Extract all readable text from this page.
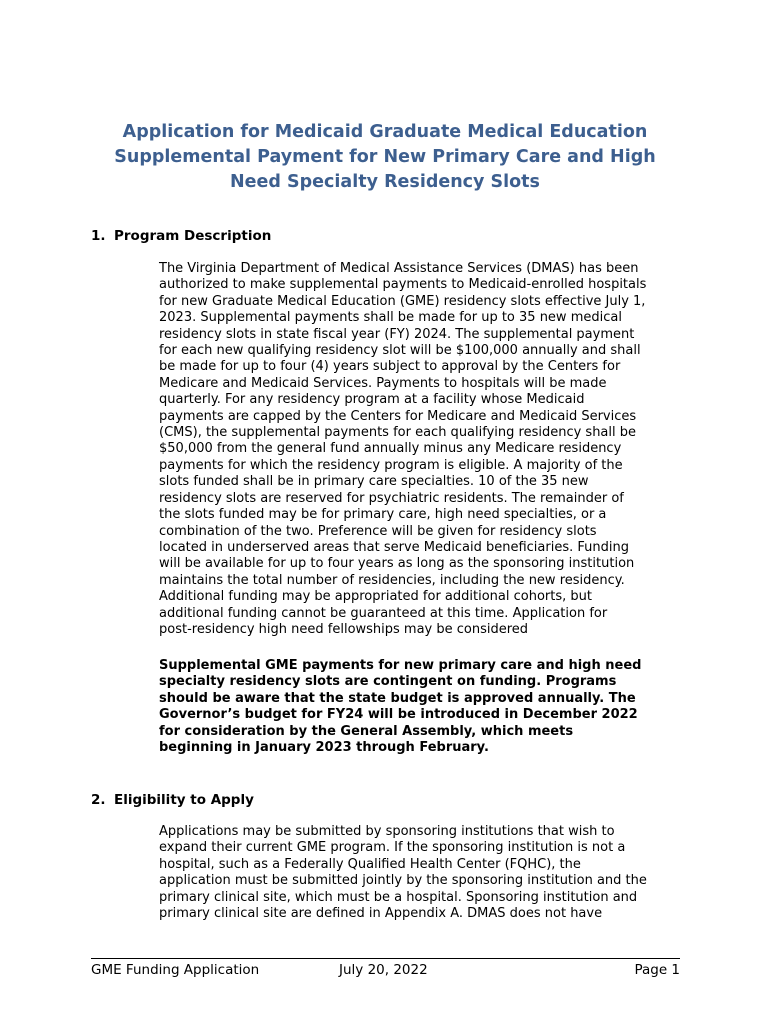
Application for Medicaid Graduate Medical Education
Supplemental Payment for New Primary Care and High
Need Specialty Residency Slots
1. Program Description
The Virginia Department of Medical Assistance Services (DMAS) has been
authorized to make supplemental payments to Medicaid-enrolled hospitals
for new Graduate Medical Education (GME) residency slots effective July 1,
2023. Supplemental payments shall be made for up to 35 new medical
residency slots in state fiscal year (FY) 2024. The supplemental payment
for each new qualifying residency slot will be $100,000 annually and shall
be made for up to four (4) years subject to approval by the Centers for
Medicare and Medicaid Services. Payments to hospitals will be made
quarterly. For any residency program at a facility whose Medicaid
payments are capped by the Centers for Medicare and Medicaid Services
(CMS), the supplemental payments for each qualifying residency shall be
$50,000 from the general fund annually minus any Medicare residency
payments for which the residency program is eligible. A majority of the
slots funded shall be in primary care specialties. 10 of the 35 new
residency slots are reserved for psychiatric residents. The remainder of
the slots funded may be for primary care, high need specialties, or a
combination of the two. Preference will be given for residency slots
located in underserved areas that serve Medicaid beneficiaries. Funding
will be available for up to four years as long as the sponsoring institution
maintains the total number of residencies, including the new residency.
Additional funding may be appropriated for additional cohorts, but
additional funding cannot be guaranteed at this time. Application for
post-residency high need fellowships may be considered
Supplemental GME payments for new primary care and high need
specialty residency slots are contingent on funding. Programs
should be aware that the state budget is approved annually. The
Governor’s budget for FY24 will be introduced in December 2022
for consideration by the General Assembly, which meets
beginning in January 2023 through February.
2. Eligibility to Apply
Applications may be submitted by sponsoring institutions that wish to
expand their current GME program. If the sponsoring institution is not a
hospital, such as a Federally Qualified Health Center (FQHC), the
application must be submitted jointly by the sponsoring institution and the
primary clinical site, which must be a hospital. Sponsoring institution and
primary clinical site are defined in Appendix A. DMAS does not have
GME Funding Application	July 20, 2022	Page 1
